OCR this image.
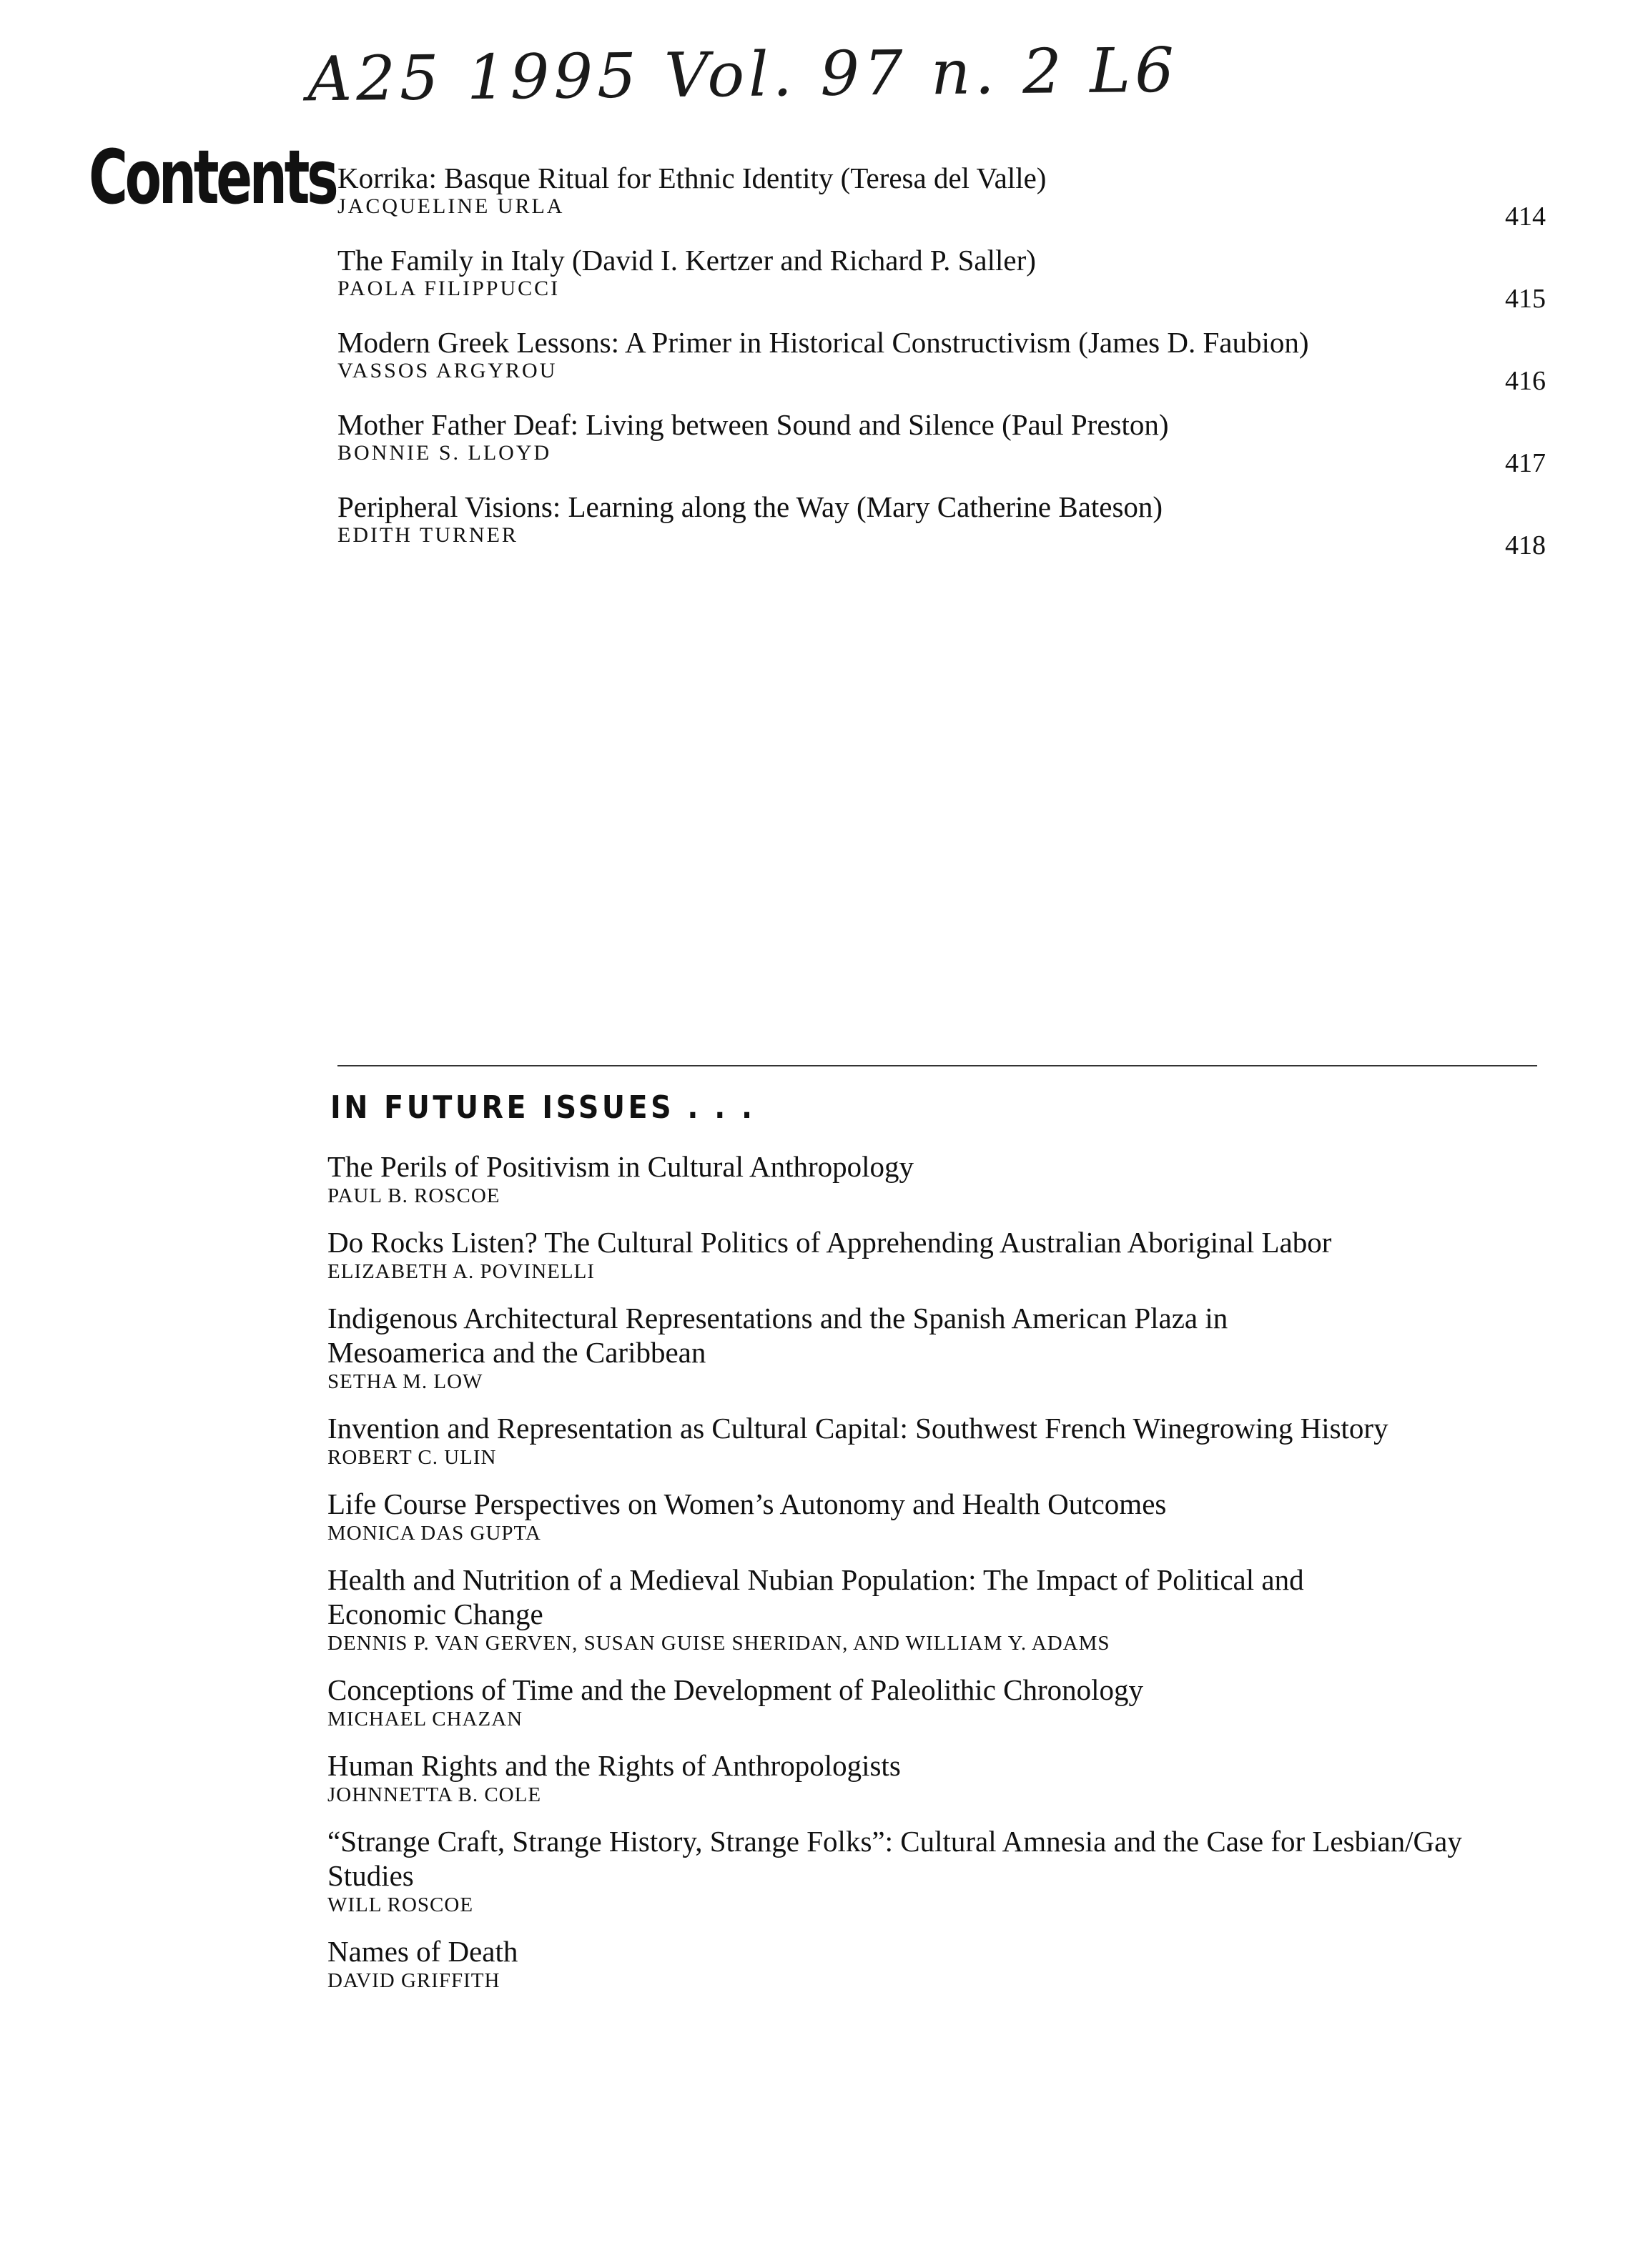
A25 1995 Vol. 97 n. 2 L6
Contents Korrika: Basque Ritual for Ethnic Identity (Teresa del Valle)
JACQUELINE URLA	414
The Family in Italy (David I. Kertzer and Richard P. Saller)
PAOLA FILIPPUCCI	415
Modern Greek Lessons: A Primer in Historical Constructivism (James D. Faubion)
VASSOS ARGYROU	416
Mother Father Deaf: Living between Sound and Silence (Paul Preston)
BONNIE S. LLOYD	417
Peripheral Visions: Learning along the Way (Mary Catherine Bateson)
EDITH TURNER	418
IN FUTURE ISSUES . . .
The Perils of Positivism in Cultural Anthropology
PAUL B. ROSCOE
Do Rocks Listen? The Cultural Politics of Apprehending Australian Aboriginal Labor
ELIZABETH A. POVINELLI
Indigenous Architectural Representations and the Spanish American Plaza in Mesoamerica and the Caribbean
SETHA M. LOW
Invention and Representation as Cultural Capital: Southwest French Winegrowing History
ROBERT C. ULIN
Life Course Perspectives on Women’s Autonomy and Health Outcomes
MONICA DAS GUPTA
Health and Nutrition of a Medieval Nubian Population: The Impact of Political and Economic Change
DENNIS P. VAN GERVEN, SUSAN GUISE SHERIDAN, AND WILLIAM Y. ADAMS
Conceptions of Time and the Development of Paleolithic Chronology
MICHAEL CHAZAN
Human Rights and the Rights of Anthropologists
JOHNNETTA B. COLE
“Strange Craft, Strange History, Strange Folks”: Cultural Amnesia and the Case for Lesbian/Gay Studies
WILL ROSCOE
Names of Death
DAVID GRIFFITH
